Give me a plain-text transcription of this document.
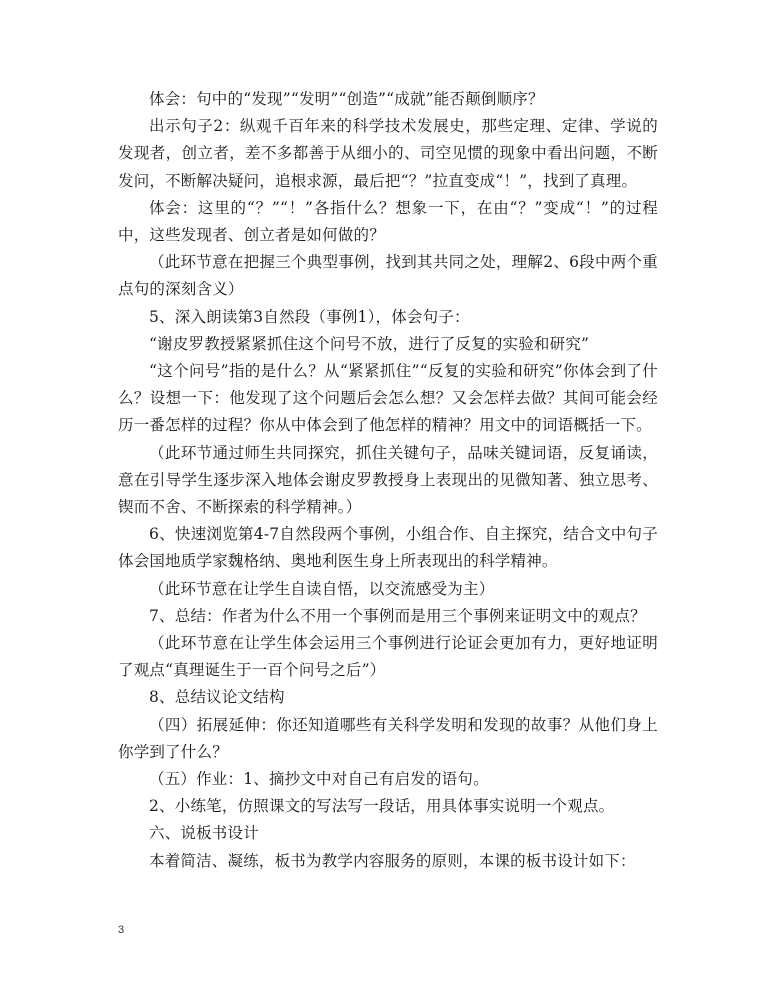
体会：句中的“发现”“发明”“创造”“成就”能否颠倒顺序？

出示句子2：纵观千百年来的科学技术发展史，那些定理、定律、学说的发现者，创立者，差不多都善于从细小的、司空见惯的现象中看出问题，不断发问，不断解决疑问，追根求源，最后把“？”拉直变成“！”，找到了真理。

体会：这里的“？”“！”各指什么？想象一下，在由“？”变成“！”的过程中，这些发现者、创立者是如何做的？

（此环节意在把握三个典型事例，找到其共同之处，理解2、6段中两个重点句的深刻含义）

5、深入朗读第3自然段（事例1），体会句子：

“谢皮罗教授紧紧抓住这个问号不放，进行了反复的实验和研究”

“这个问号”指的是什么？从“紧紧抓住”“反复的实验和研究”你体会到了什么？设想一下：他发现了这个问题后会怎么想？又会怎样去做？其间可能会经历一番怎样的过程？你从中体会到了他怎样的精神？用文中的词语概括一下。

（此环节通过师生共同探究，抓住关键句子，品味关键词语，反复诵读，意在引导学生逐步深入地体会谢皮罗教授身上表现出的见微知著、独立思考、锲而不舍、不断探索的科学精神。）

6、快速浏览第4-7自然段两个事例，小组合作、自主探究，结合文中句子体会国地质学家魏格纳、奥地利医生身上所表现出的科学精神。

（此环节意在让学生自读自悟，以交流感受为主）

7、总结：作者为什么不用一个事例而是用三个事例来证明文中的观点？

（此环节意在让学生体会运用三个事例进行论证会更加有力，更好地证明了观点“真理诞生于一百个问号之后”）

8、总结议论文结构

（四）拓展延伸：你还知道哪些有关科学发明和发现的故事？从他们身上你学到了什么？

（五）作业：1、摘抄文中对自己有启发的语句。

2、小练笔，仿照课文的写法写一段话，用具体事实说明一个观点。

六、说板书设计

本着简洁、凝练，板书为教学内容服务的原则，本课的板书设计如下：

3
